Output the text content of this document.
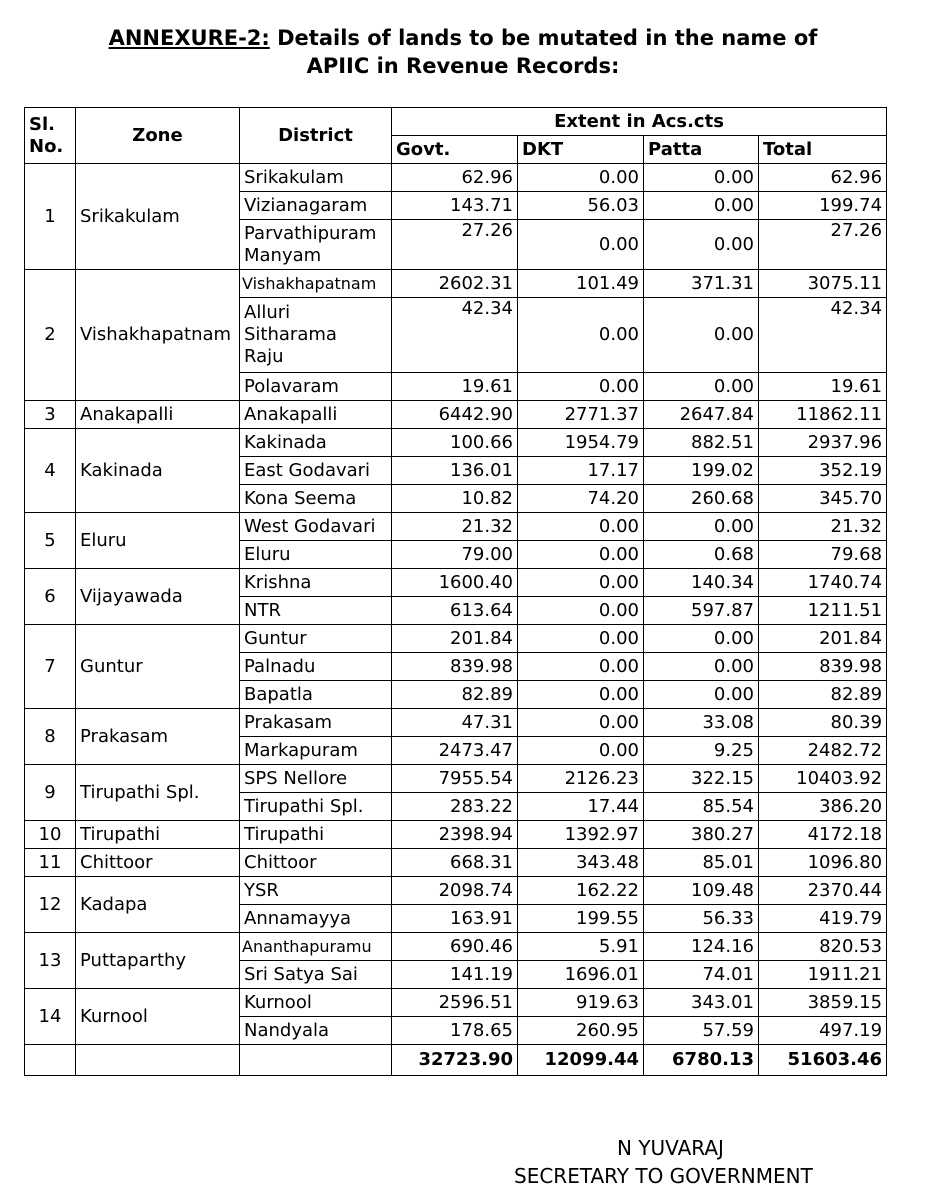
ANNEXURE-2: Details of lands to be mutated in the name of
APIIC in Revenue Records:
Sl.
No.	Zone	District	Extent in Acs.cts			
			Govt.	DKT	Patta	Total
1	Srikakulam	Srikakulam	62.96	0.00	0.00	62.96
		Vizianagaram	143.71	56.03	0.00	199.74
		Parvathipuram Manyam	27.26	0.00	0.00	27.26
2	Vishakhapatnam	Vishakhapatnam	2602.31	101.49	371.31	3075.11
		Alluri Sitharama Raju	42.34	0.00	0.00	42.34
		Polavaram	19.61	0.00	0.00	19.61
3	Anakapalli	Anakapalli	6442.90	2771.37	2647.84	11862.11
4	Kakinada	Kakinada	100.66	1954.79	882.51	2937.96
		East Godavari	136.01	17.17	199.02	352.19
		Kona Seema	10.82	74.20	260.68	345.70
5	Eluru	West Godavari	21.32	0.00	0.00	21.32
		Eluru	79.00	0.00	0.68	79.68
6	Vijayawada	Krishna	1600.40	0.00	140.34	1740.74
		NTR	613.64	0.00	597.87	1211.51
7	Guntur	Guntur	201.84	0.00	0.00	201.84
		Palnadu	839.98	0.00	0.00	839.98
		Bapatla	82.89	0.00	0.00	82.89
8	Prakasam	Prakasam	47.31	0.00	33.08	80.39
		Markapuram	2473.47	0.00	9.25	2482.72
9	Tirupathi Spl.	SPS Nellore	7955.54	2126.23	322.15	10403.92
		Tirupathi Spl.	283.22	17.44	85.54	386.20
10	Tirupathi	Tirupathi	2398.94	1392.97	380.27	4172.18
11	Chittoor	Chittoor	668.31	343.48	85.01	1096.80
12	Kadapa	YSR	2098.74	162.22	109.48	2370.44
		Annamayya	163.91	199.55	56.33	419.79
13	Puttaparthy	Ananthapuramu	690.46	5.91	124.16	820.53
		Sri Satya Sai	141.19	1696.01	74.01	1911.21
14	Kurnool	Kurnool	2596.51	919.63	343.01	3859.15
		Nandyala	178.65	260.95	57.59	497.19
			32723.90	12099.44	6780.13	51603.46
N YUVARAJ
SECRETARY TO GOVERNMENT
